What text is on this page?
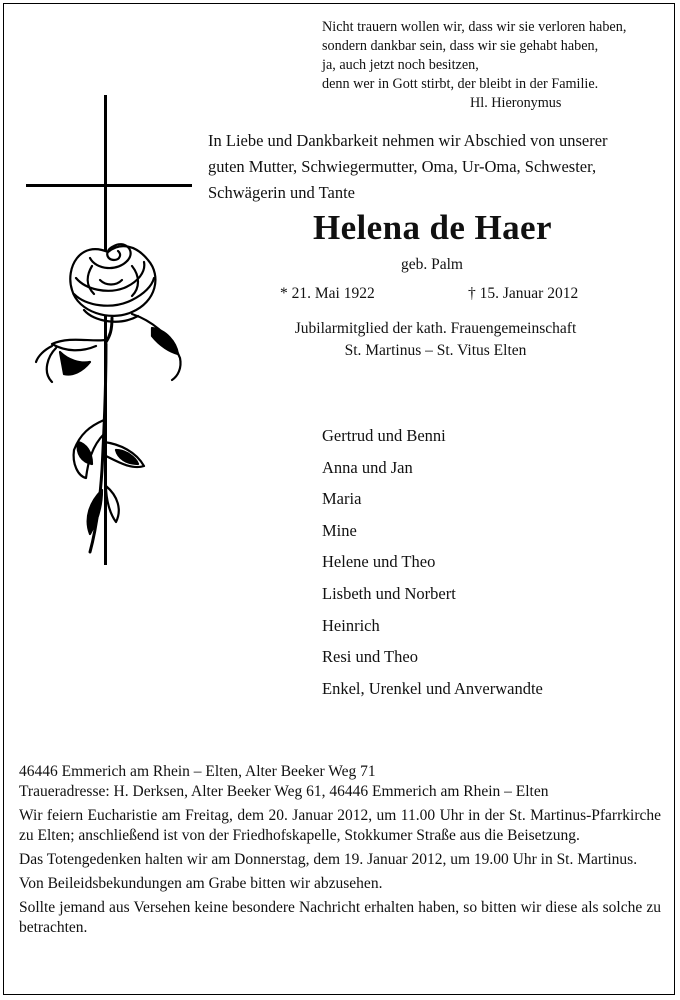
Nicht trauern wollen wir, dass wir sie verloren haben,
sondern dankbar sein, dass wir sie gehabt haben,
ja, auch jetzt noch besitzen,
denn wer in Gott stirbt, der bleibt in der Familie.
Hl. Hieronymus
In Liebe und Dankbarkeit nehmen wir Abschied von unserer
guten Mutter, Schwiegermutter, Oma, Ur-Oma, Schwester,
Schwägerin und Tante
Helena de Haer
geb. Palm
* 21. Mai 1922	† 15. Januar 2012
Jubilarmitglied der kath. Frauengemeinschaft
St. Martinus – St. Vitus Elten
Gertrud und Benni
Anna und Jan
Maria
Mine
Helene und Theo
Lisbeth und Norbert
Heinrich
Resi und Theo
Enkel, Urenkel und Anverwandte

46446 Emmerich am Rhein – Elten, Alter Beeker Weg 71

Traueradresse: H. Derksen, Alter Beeker Weg 61, 46446 Emmerich am Rhein – Elten

Wir feiern Eucharistie am Freitag, dem 20. Januar 2012, um 11.00 Uhr in der St. Martinus-Pfarrkirche zu Elten; anschließend ist von der Friedhofskapelle, Stokkumer Straße aus die Beisetzung.

Das Totengedenken halten wir am Donnerstag, dem 19. Januar 2012, um 19.00 Uhr in St. Martinus.

Von Beileidsbekundungen am Grabe bitten wir abzusehen.

Sollte jemand aus Versehen keine besondere Nachricht erhalten haben, so bitten wir diese als solche zu betrachten.
